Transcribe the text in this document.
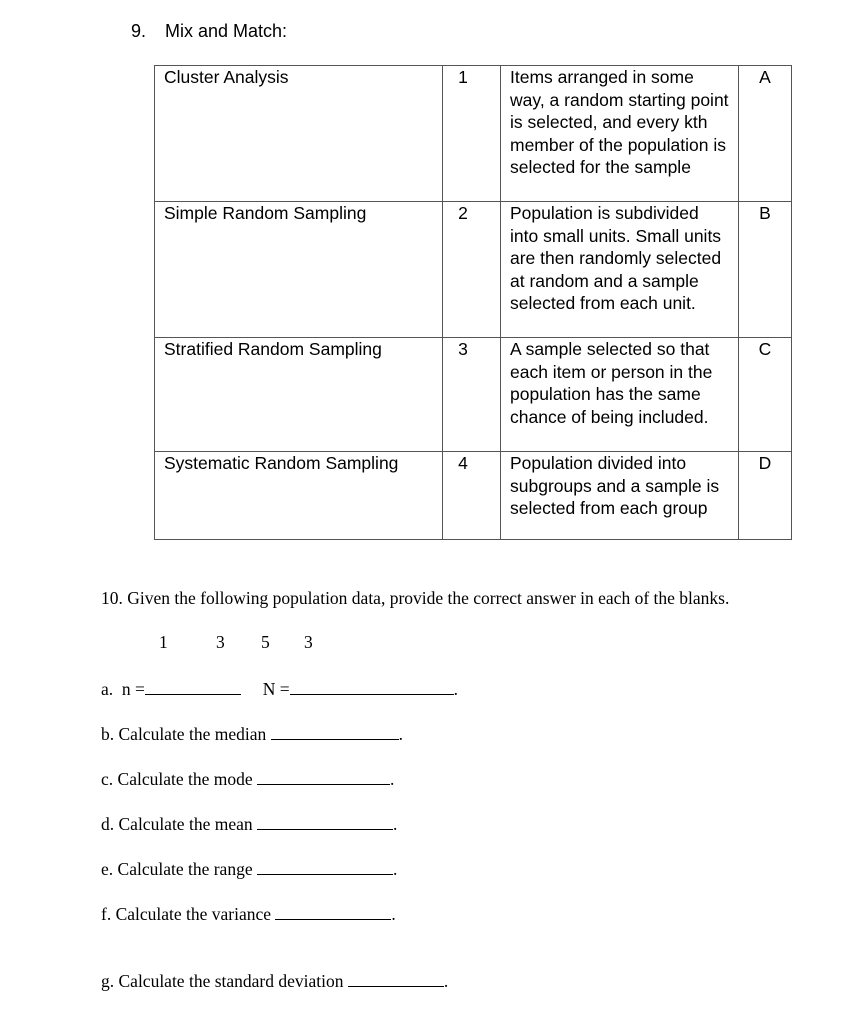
9. Mix and Match:
Cluster Analysis	1	Items arranged in some way, a random starting point is selected, and every kth member of the population is selected for the sample	A
Simple Random Sampling	2	Population is subdivided into small units. Small units are then randomly selected at random and a sample selected from each unit.	B
Stratified Random Sampling	3	A sample selected so that each item or person in the population has the same chance of being included.	C
Systematic Random Sampling	4	Population divided into subgroups and a sample is selected from each group	D
10. Given the following population data, provide the correct answer in each of the blanks.
1	3 5 3
a. n =	N =	.
b. Calculate the median	.
c. Calculate the mode	.
d. Calculate the mean	.
e. Calculate the range	.
f. Calculate the variance	.
g. Calculate the standard deviation	.
